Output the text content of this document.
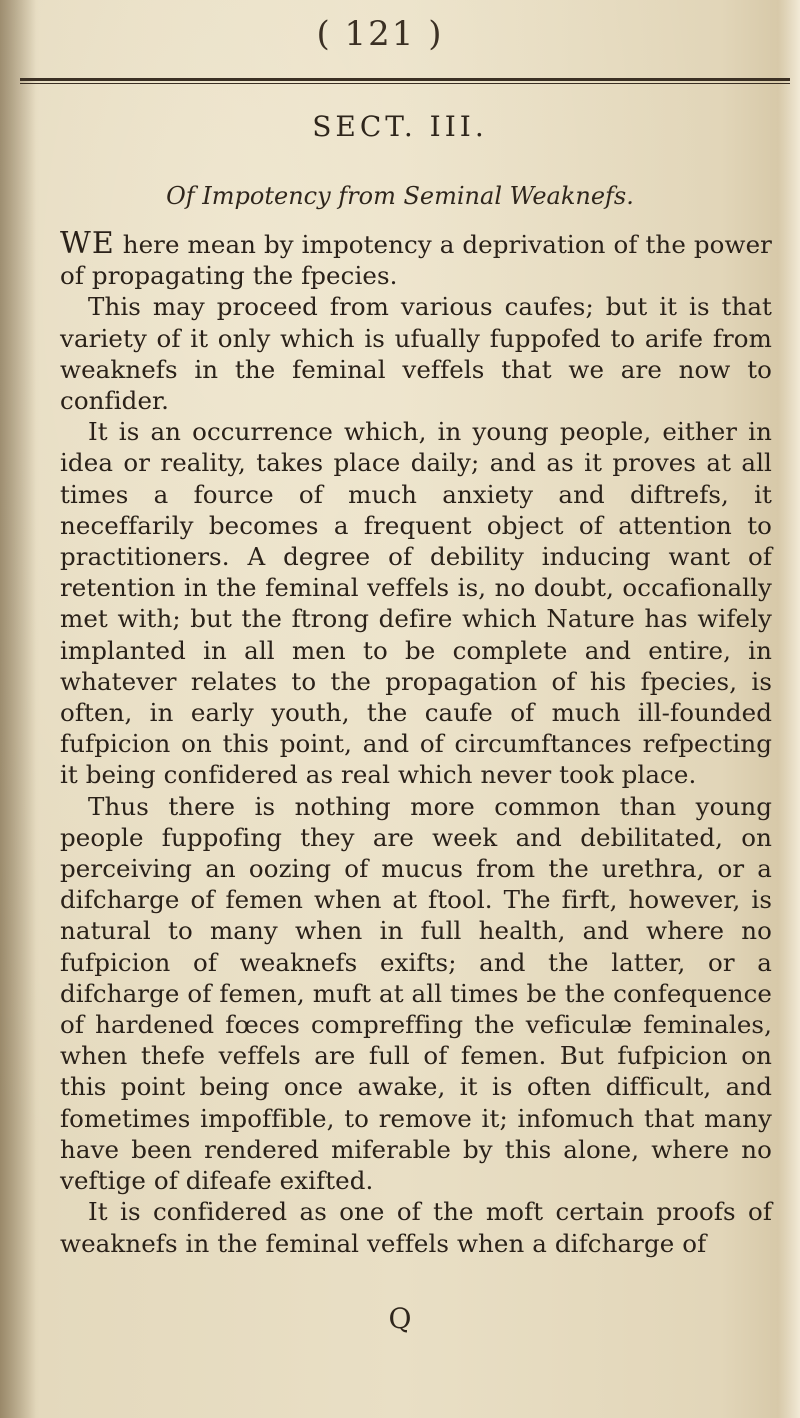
( 121 )
SECT. III.
Of Impotency from Seminal Weaknefs.

WE here mean by impotency a deprivation of the power of propagating the fpecies.

This may proceed from various caufes; but it is that variety of it only which is ufually fuppofed to arife from weaknefs in the feminal veffels that we are now to confider.

It is an occurrence which, in young people, either in idea or reality, takes place daily; and as it proves at all times a fource of much anxiety and diftrefs, it neceffarily becomes a frequent object of attention to practitioners. A degree of debility inducing want of retention in the feminal veffels is, no doubt, occafionally met with; but the ftrong defire which Nature has wifely implanted in all men to be complete and entire, in whatever relates to the propagation of his fpecies, is often, in early youth, the caufe of much ill-founded fufpicion on this point, and of circumftances refpecting it being confidered as real which never took place.

Thus there is nothing more common than young people fuppofing they are week and debilitated, on perceiving an oozing of mucus from the urethra, or a difcharge of femen when at ftool. The firft, however, is natural to many when in full health, and where no fufpicion of weaknefs exifts; and the latter, or a difcharge of femen, muft at all times be the confequence of hardened fœces compreffing the veficulæ feminales, when thefe veffels are full of femen. But fufpicion on this point being once awake, it is often difficult, and fometimes impoffible, to remove it; infomuch that many have been rendered miferable by this alone, where no veftige of difeafe exifted.

It is confidered as one of the moft certain proofs of weaknefs in the feminal veffels when a difcharge of

Q
